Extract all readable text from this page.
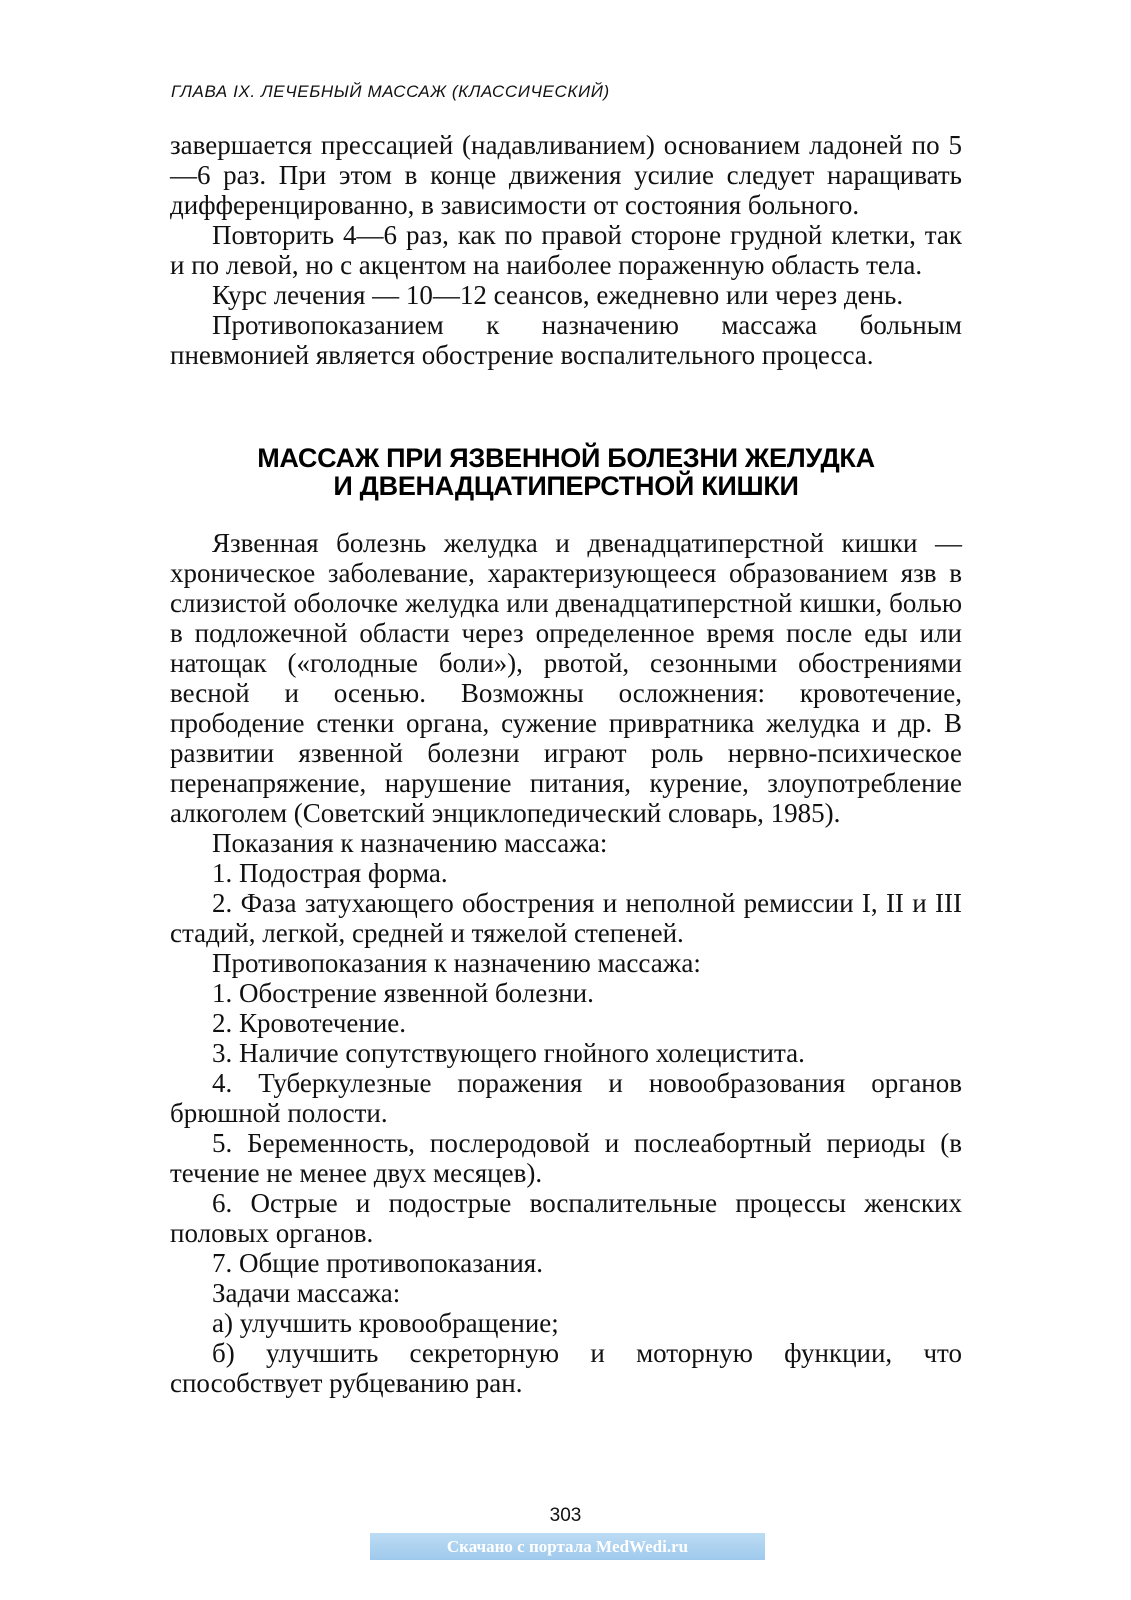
ГЛАВА IX. ЛЕЧЕБНЫЙ МАССАЖ (КЛАССИЧЕСКИЙ)

завершается прессацией (надавливанием) основанием ладоней по 5—6 раз. При этом в конце движения усилие следует наращивать дифференцированно, в зависимости от состояния больного.

Повторить 4—6 раз, как по правой стороне грудной клетки, так и по левой, но с акцентом на наиболее пораженную область тела.

Курс лечения — 10—12 сеансов, ежедневно или через день.

Противопоказанием к назначению массажа больным пневмонией является обострение воспалительного процесса.

МАССАЖ ПРИ ЯЗВЕННОЙ БОЛЕЗНИ ЖЕЛУДКА
И ДВЕНАДЦАТИПЕРСТНОЙ КИШКИ

Язвенная болезнь желудка и двенадцатиперстной кишки — хроническое заболевание, характеризующееся образованием язв в слизистой оболочке желудка или двенадцатиперстной кишки, болью в подложечной области через определенное время после еды или натощак («голодные боли»), рвотой, сезонными обострениями весной и осенью. Возможны осложнения: кровотечение, прободение стенки органа, сужение привратника желудка и др. В развитии язвенной болезни играют роль нервно-психическое перенапряжение, нарушение питания, курение, злоупотребление алкоголем (Советский энциклопедический словарь, 1985).

Показания к назначению массажа:

1. Подострая форма.

2. Фаза затухающего обострения и неполной ремиссии I, II и III стадий, легкой, средней и тяжелой степеней.

Противопоказания к назначению массажа:

1. Обострение язвенной болезни.

2. Кровотечение.

3. Наличие сопутствующего гнойного холецистита.

4. Туберкулезные поражения и новообразования органов брюшной полости.

5. Беременность, послеродовой и послеабортный периоды (в течение не менее двух месяцев).

6. Острые и подострые воспалительные процессы женских половых органов.

7. Общие противопоказания.

Задачи массажа:

а) улучшить кровообращение;

б) улучшить секреторную и моторную функции, что способствует рубцеванию ран.

303
Скачано с портала MedWedi.ru
